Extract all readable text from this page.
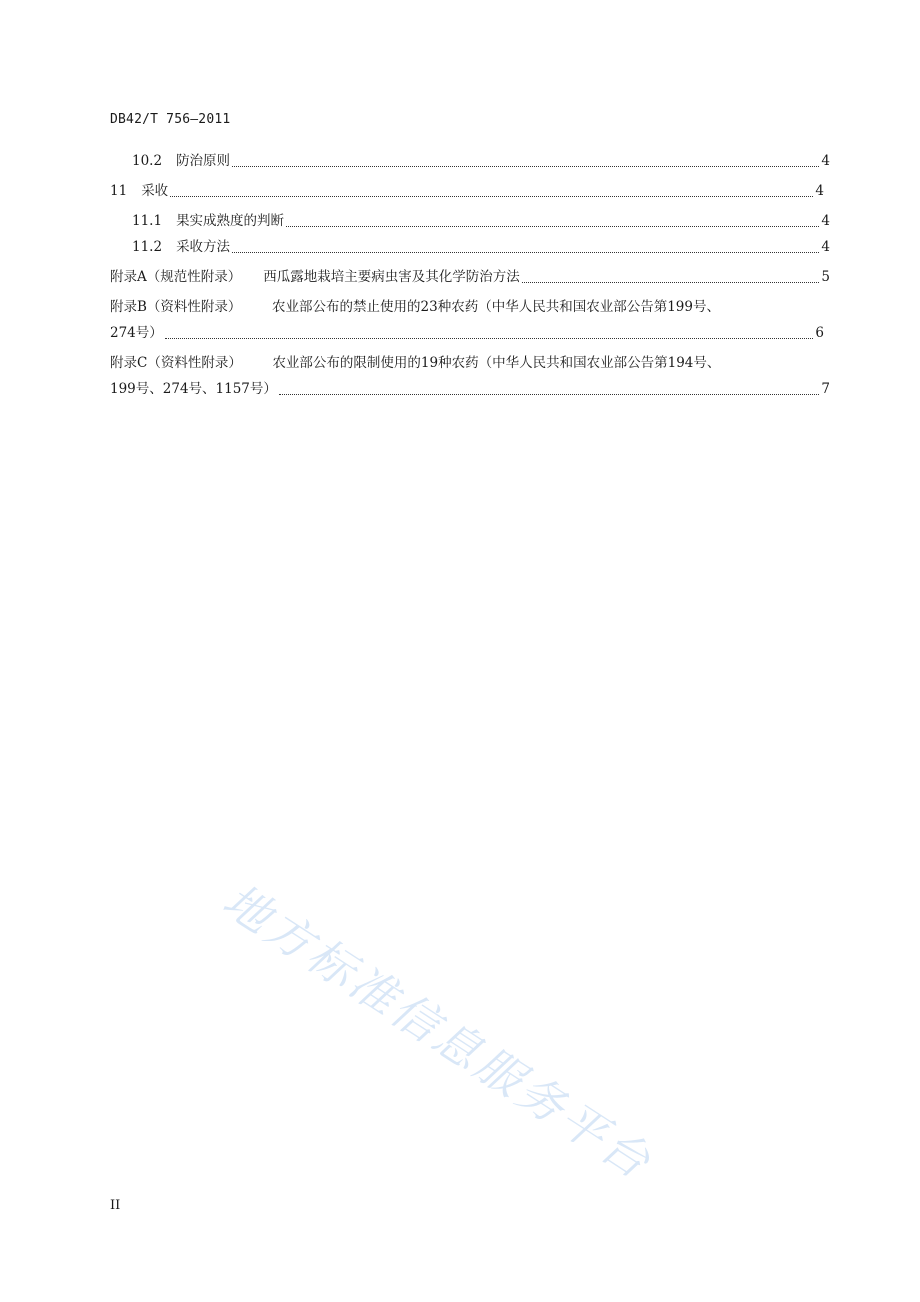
DB42/T 756—2011
10.2 防治原则	4
11 采收	4
11.1 果实成熟度的判断	4
11.2 采收方法	4
附录A（规范性附录） 西瓜露地栽培主要病虫害及其化学防治方法	5
附录B（资料性附录） 农业部公布的禁止使用的23种农药（中华人民共和国农业部公告第199号、
274号）	6
附录C（资料性附录） 农业部公布的限制使用的19种农药（中华人民共和国农业部公告第194号、
199号、274号、1157号）	7
地方标准信息服务平台
II
